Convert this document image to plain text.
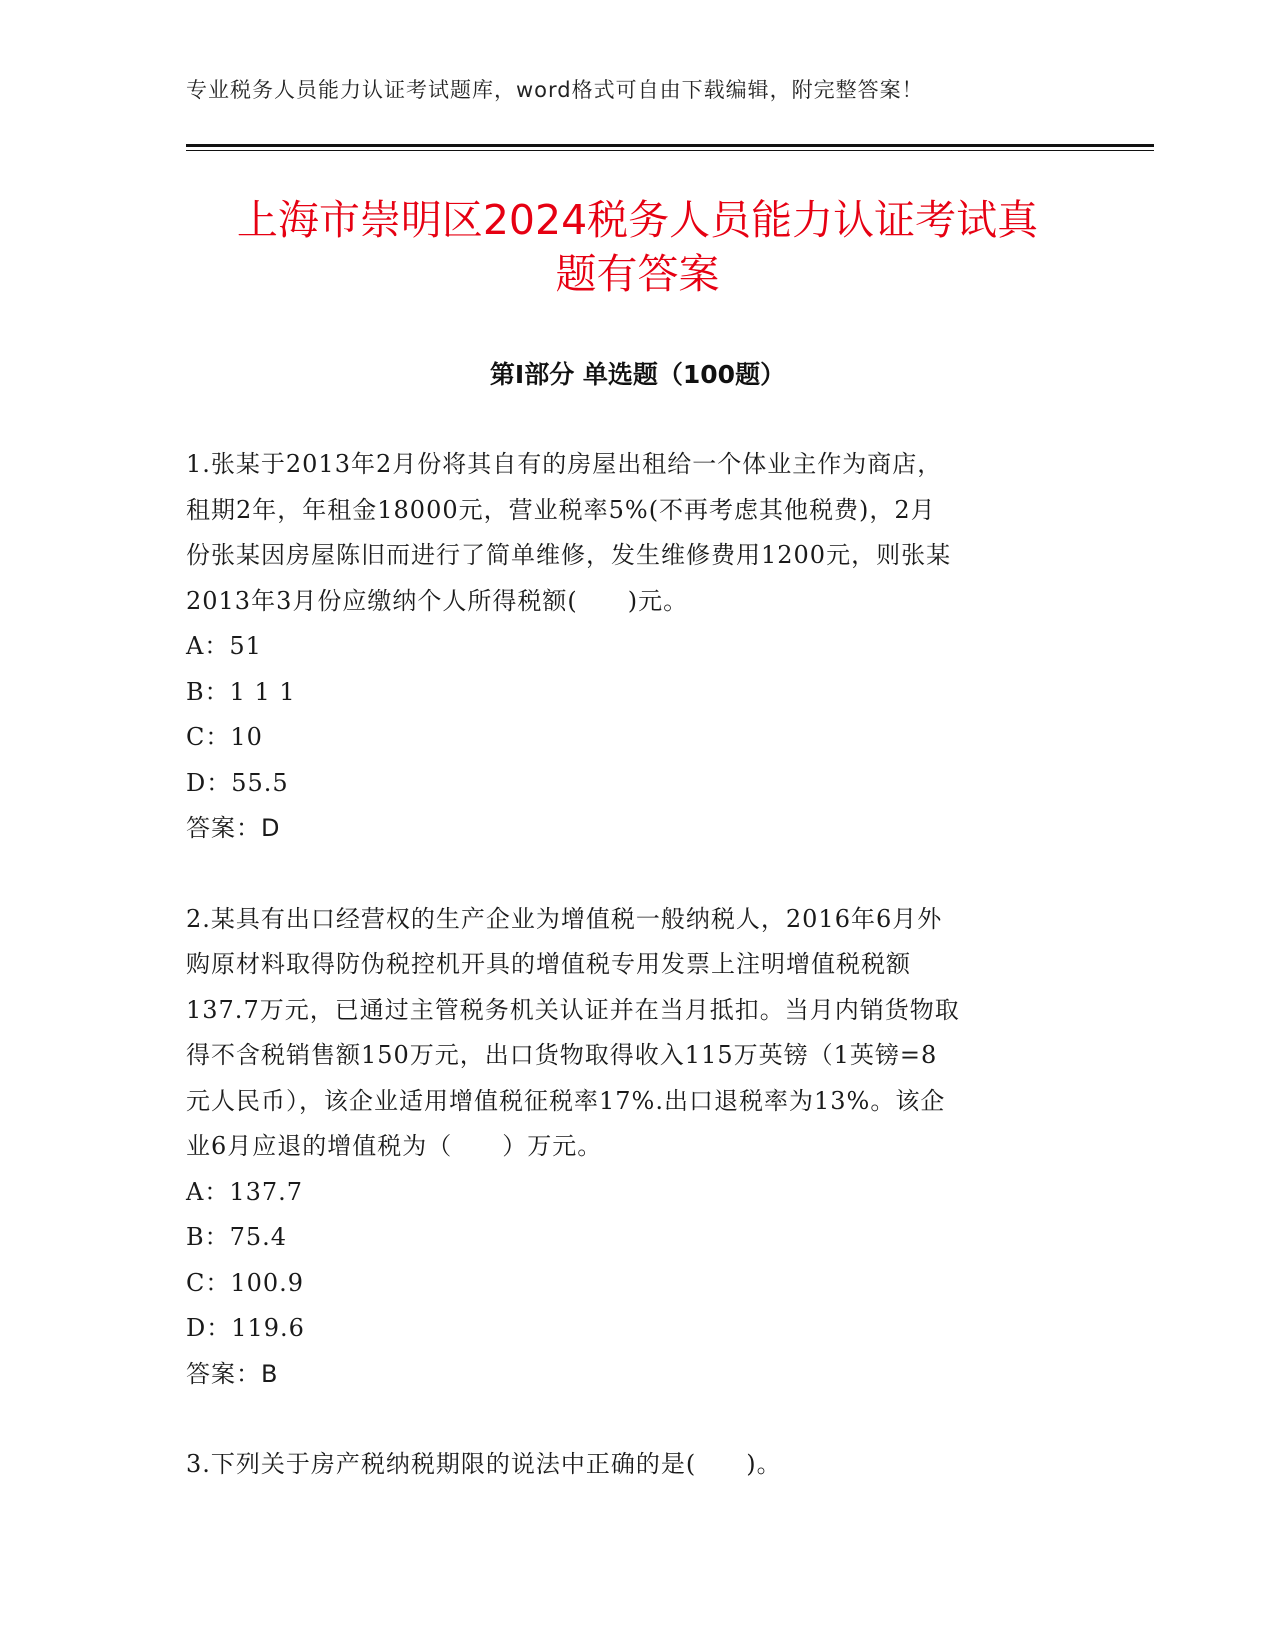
专业税务人员能力认证考试题库，word格式可自由下载编辑，附完整答案！
上海市崇明区2024税务人员能力认证考试真
题有答案
第Ⅰ部分 单选题（100题）

1.张某于2013年2月份将其自有的房屋出租给一个体业主作为商店，

租期2年，年租金18000元，营业税率5%(不再考虑其他税费)，2月

份张某因房屋陈旧而进行了简单维修，发生维修费用1200元，则张某

2013年3月份应缴纳个人所得税额(　　)元。

A：51

B：1 1 1

C：10

D：55.5

答案：D

2.某具有出口经营权的生产企业为增值税一般纳税人，2016年6月外

购原材料取得防伪税控机开具的增值税专用发票上注明增值税税额

137.7万元，已通过主管税务机关认证并在当月抵扣。当月内销货物取

得不含税销售额150万元，出口货物取得收入115万英镑（1英镑=8

元人民币），该企业适用增值税征税率17%.出口退税率为13%。该企

业6月应退的增值税为（　　）万元。

A：137.7

B：75.4

C：100.9

D：119.6

答案：B

3.下列关于房产税纳税期限的说法中正确的是(　　)。
